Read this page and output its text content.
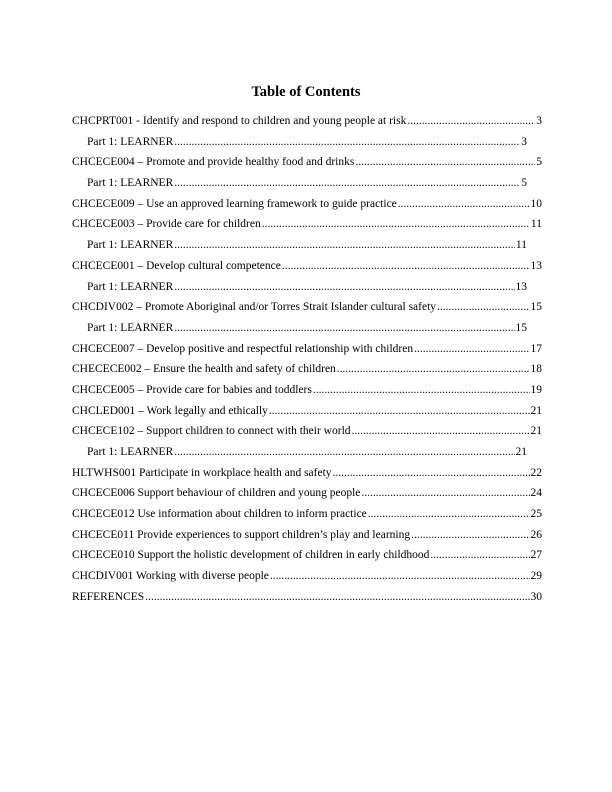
Table of Contents
CHCPRT001 - Identify and respond to children and young people at risk .....	3
Part 1: LEARNER .....	3
CHCECE004 – Promote and provide healthy food and drinks .....	5
Part 1: LEARNER .....	5
CHCECE009 – Use an approved learning framework to guide practice .....	10
CHCECE003 – Provide care for children .....	11
Part 1: LEARNER .....	11
CHCECE001 – Develop cultural competence .....	13
Part 1: LEARNER .....	13
CHCDIV002 – Promote Aboriginal and/or Torres Strait Islander cultural safety .....	15
Part 1: LEARNER .....	15
CHCECE007 – Develop positive and respectful relationship with children .....	17
CHECECE002 – Ensure the health and safety of children .....	18
CHCECE005 – Provide care for babies and toddlers .....	19
CHCLED001 – Work legally and ethically .....	21
CHCECE102 – Support children to connect with their world .....	21
Part 1: LEARNER .....	21
HLTWHS001 Participate in workplace health and safety .....	22
CHCECE006 Support behaviour of children and young people .....	24
CHCECE012 Use information about children to inform practice .....	25
CHCECE011 Provide experiences to support children’s play and learning .....	26
CHCECE010 Support the holistic development of children in early childhood .....	27
CHCDIV001 Working with diverse people .....	29
REFERENCES .....	30
